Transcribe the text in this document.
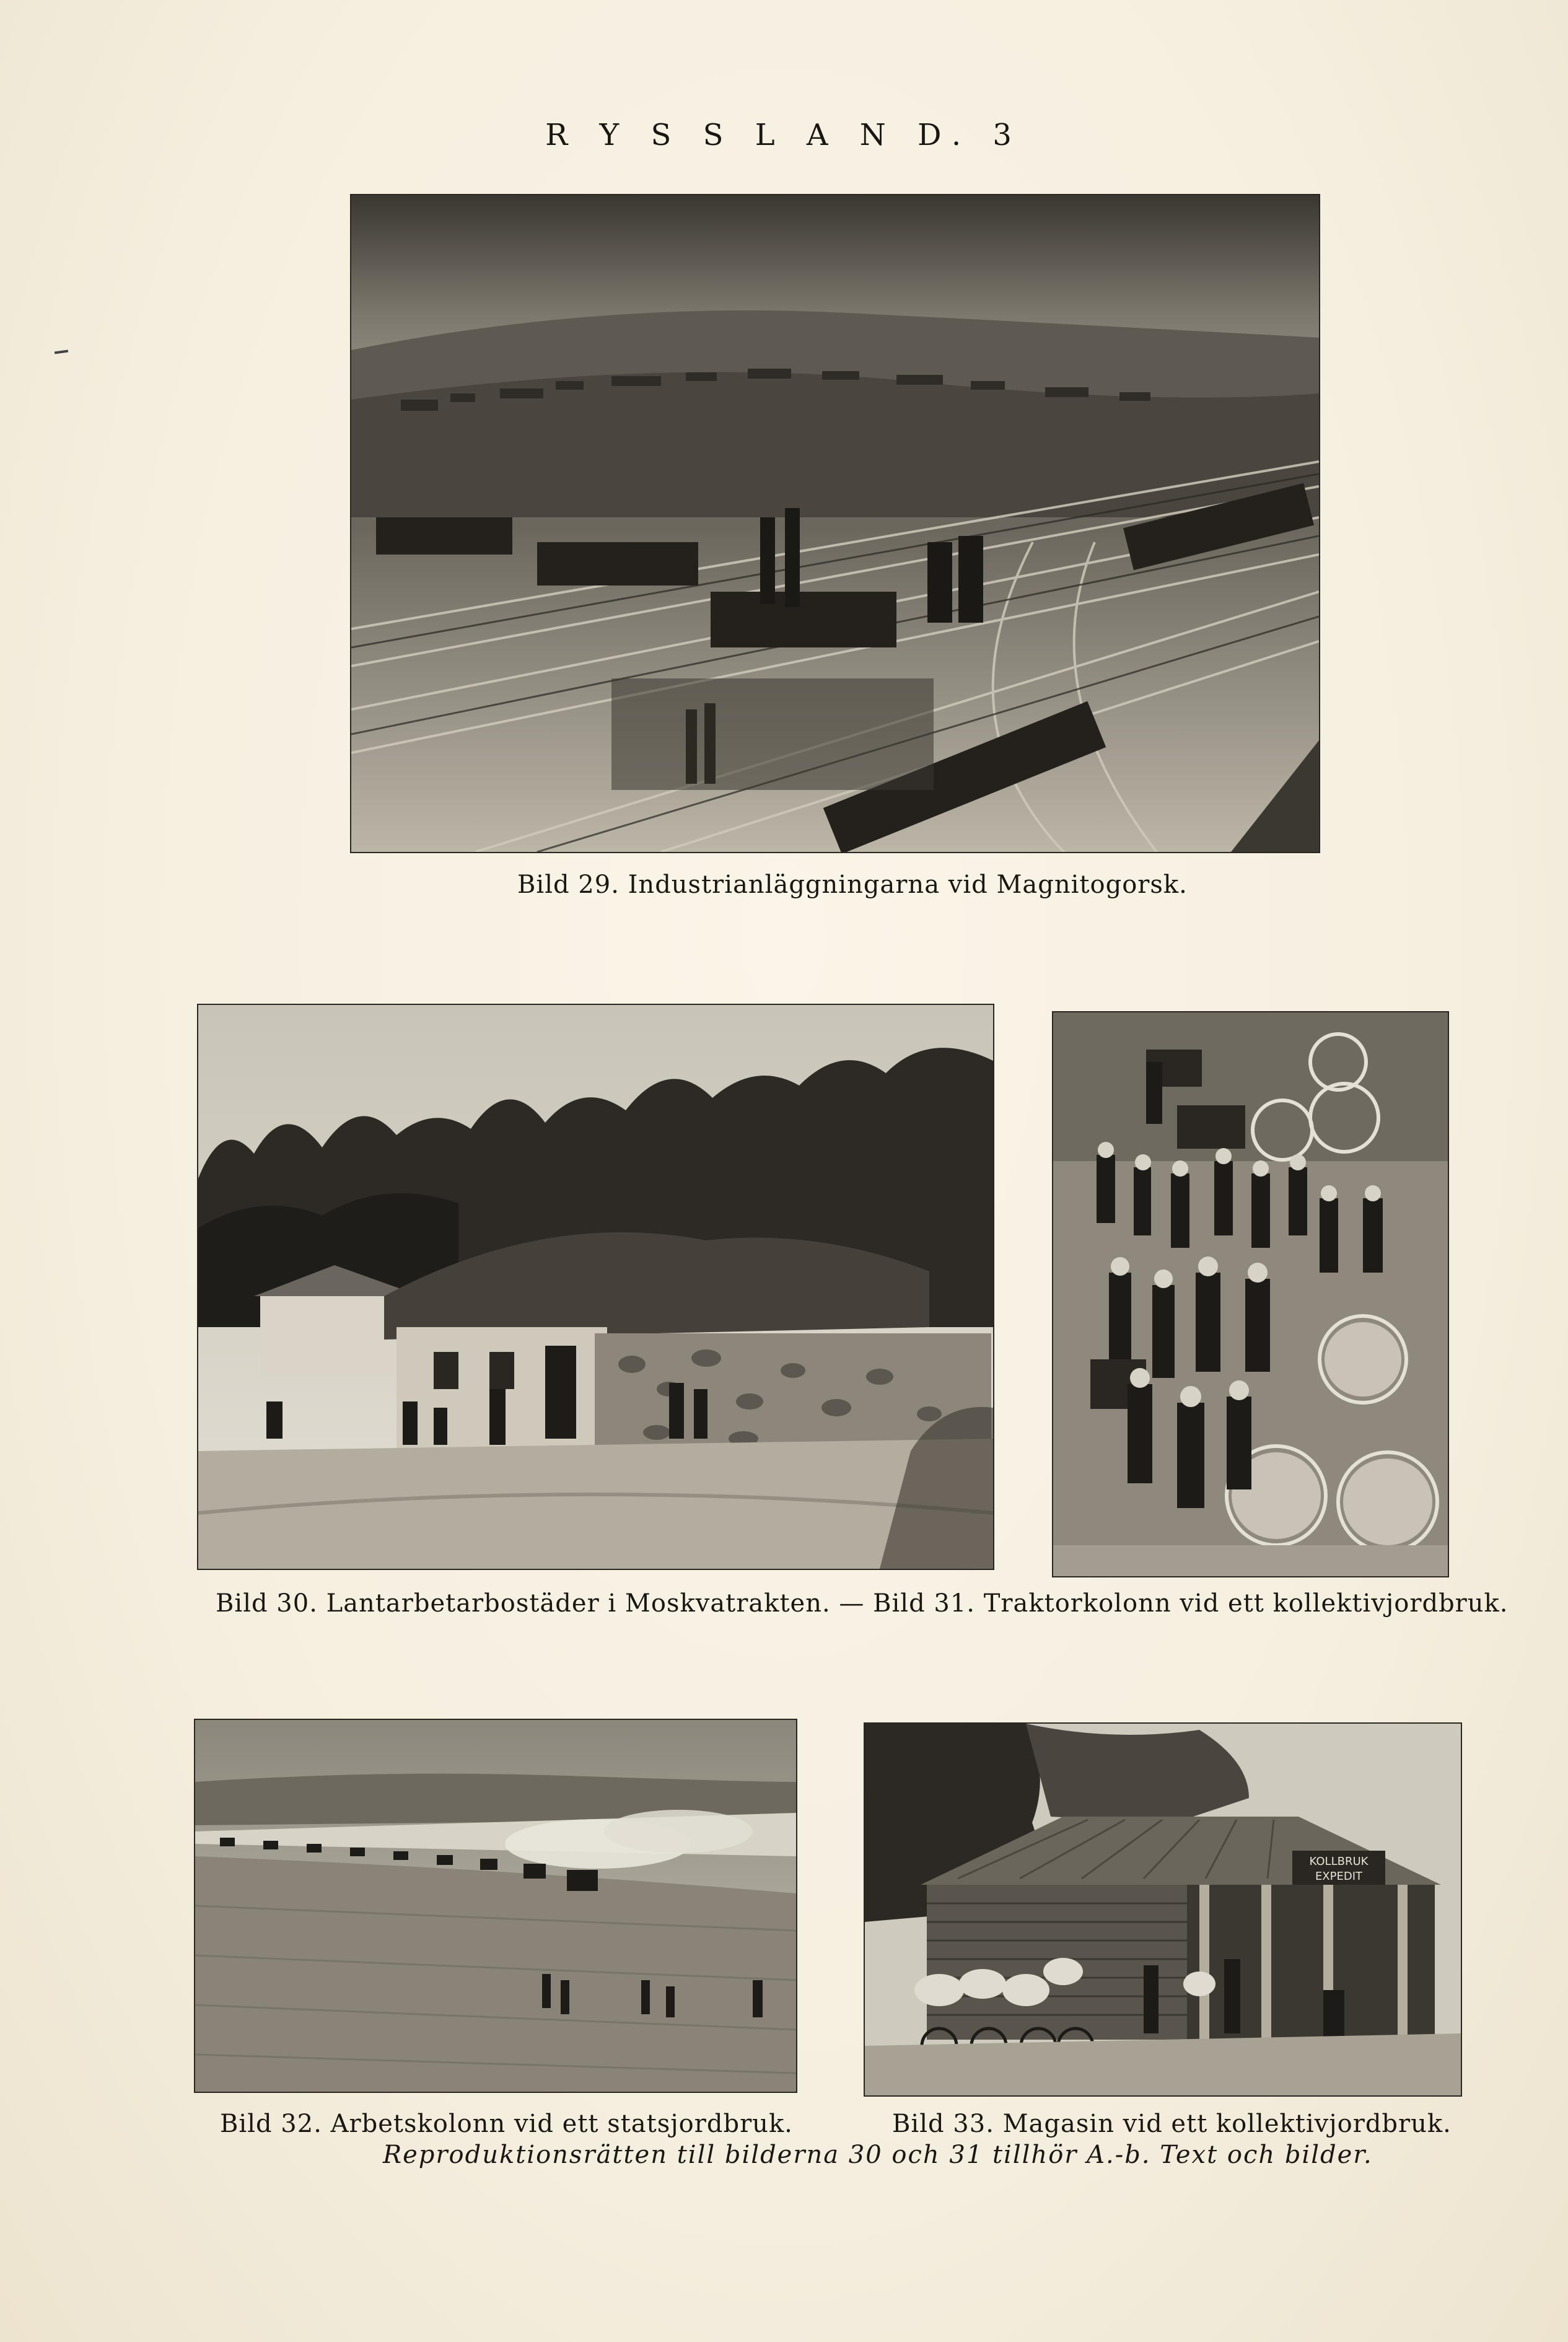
R Y S S L A N D. 3
Bild 29. Industrianläggningarna vid Magnitogorsk.
Bild 30. Lantarbetarbostäder i Moskvatrakten. — Bild 31. Traktorkolonn vid ett kollektivjordbruk.
KOLLBRUK
EXPEDIT
Bild 32. Arbetskolonn vid ett statsjordbruk.	Bild 33. Magasin vid ett kollektivjordbruk.
Reproduktionsrätten till bilderna 30 och 31 tillhör A.-b. Text och bilder.
